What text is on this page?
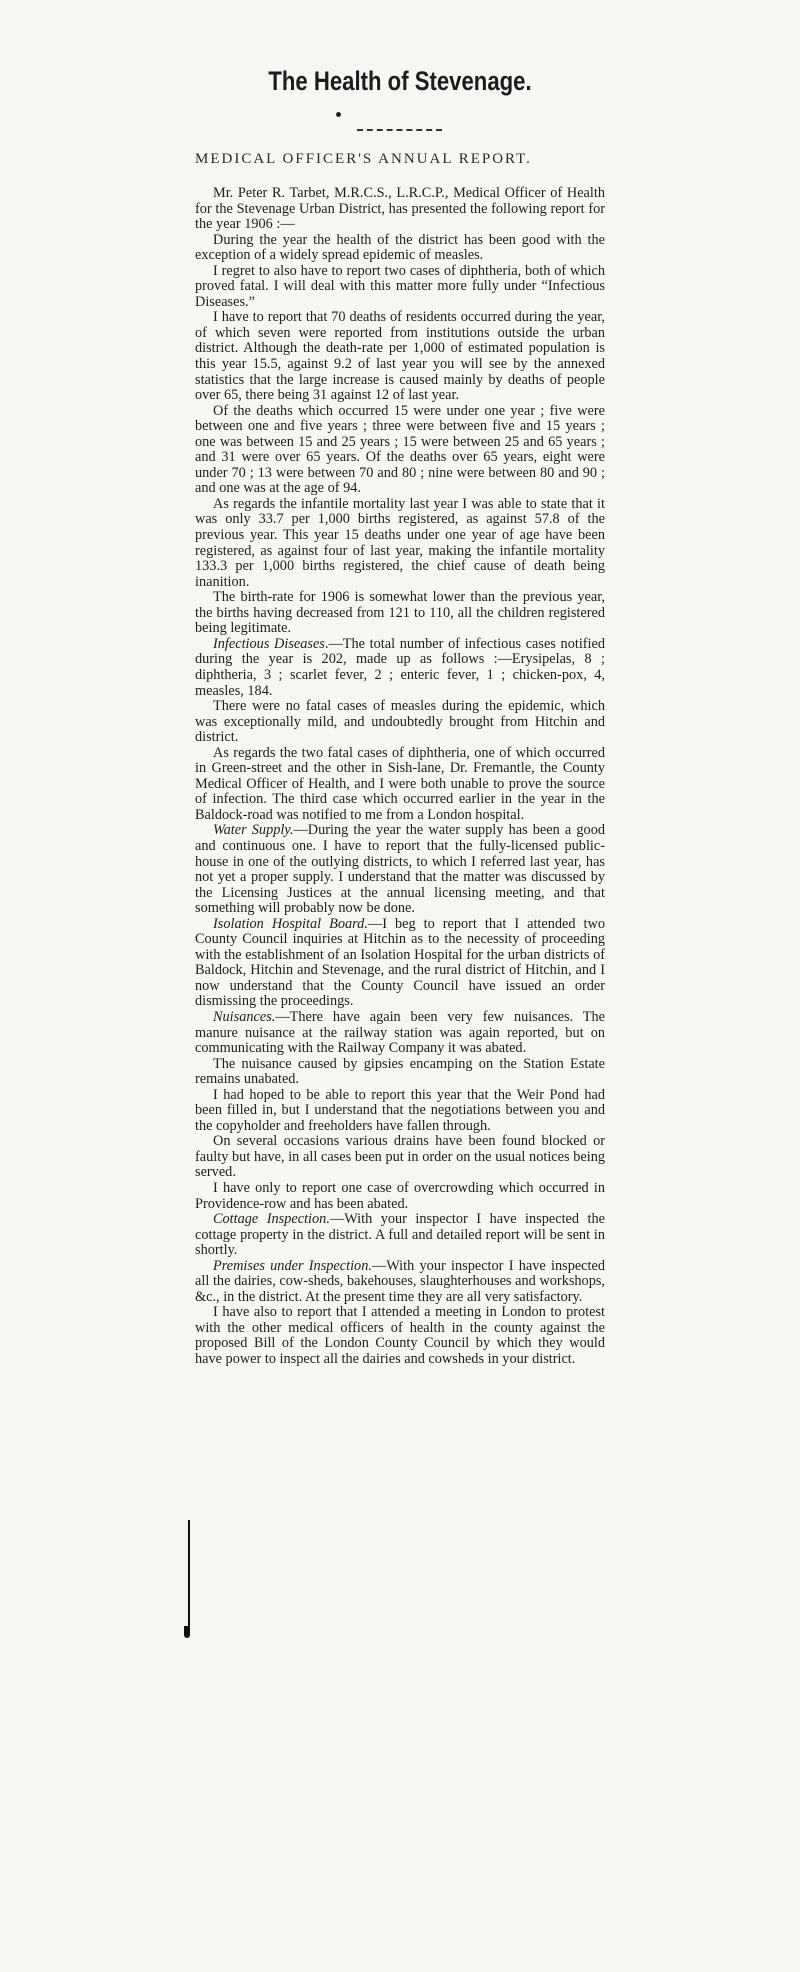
The Health of Stevenage.
MEDICAL OFFICER'S ANNUAL REPORT.

Mr. Peter R. Tarbet, M.R.C.S., L.R.C.P., Medical Officer of Health for the Stevenage Urban District, has presented the following report for the year 1906 :—

During the year the health of the district has been good with the exception of a widely spread epidemic of measles.

I regret to also have to report two cases of diphtheria, both of which proved fatal. I will deal with this matter more fully under “Infectious Diseases.”

I have to report that 70 deaths of residents occurred during the year, of which seven were reported from institutions outside the urban district. Although the death-rate per 1,000 of estimated population is this year 15.5, against 9.2 of last year you will see by the annexed statistics that the large increase is caused mainly by deaths of people over 65, there being 31 against 12 of last year.

Of the deaths which occurred 15 were under one year ; five were between one and five years ; three were between five and 15 years ; one was between 15 and 25 years ; 15 were between 25 and 65 years ; and 31 were over 65 years. Of the deaths over 65 years, eight were under 70 ; 13 were between 70 and 80 ; nine were between 80 and 90 ; and one was at the age of 94.

As regards the infantile mortality last year I was able to state that it was only 33.7 per 1,000 births registered, as against 57.8 of the previous year. This year 15 deaths under one year of age have been registered, as against four of last year, making the infantile mortality 133.3 per 1,000 births registered, the chief cause of death being inanition.

The birth-rate for 1906 is somewhat lower than the previous year, the births having decreased from 121 to 110, all the children registered being legitimate.

Infectious Diseases.—The total number of infectious cases notified during the year is 202, made up as follows :—Erysipelas, 8 ; diphtheria, 3 ; scarlet fever, 2 ; enteric fever, 1 ; chicken-pox, 4, measles, 184.

There were no fatal cases of measles during the epidemic, which was exceptionally mild, and undoubtedly brought from Hitchin and district.

As regards the two fatal cases of diphtheria, one of which occurred in Green-street and the other in Sish-lane, Dr. Fremantle, the County Medical Officer of Health, and I were both unable to prove the source of infection. The third case which occurred earlier in the year in the Baldock-road was notified to me from a London hospital.

Water Supply.—During the year the water supply has been a good and continuous one. I have to report that the fully-licensed public-house in one of the outlying districts, to which I referred last year, has not yet a proper supply. I understand that the matter was discussed by the Licensing Justices at the annual licensing meeting, and that something will probably now be done.

Isolation Hospital Board.—I beg to report that I attended two County Council inquiries at Hitchin as to the necessity of proceeding with the establishment of an Isolation Hospital for the urban districts of Baldock, Hitchin and Stevenage, and the rural district of Hitchin, and I now understand that the County Council have issued an order dismissing the proceedings.

Nuisances.—There have again been very few nuisances. The manure nuisance at the railway station was again reported, but on communicating with the Railway Company it was abated.

The nuisance caused by gipsies encamping on the Station Estate remains unabated.

I had hoped to be able to report this year that the Weir Pond had been filled in, but I understand that the negotiations between you and the copyholder and freeholders have fallen through.

On several occasions various drains have been found blocked or faulty but have, in all cases been put in order on the usual notices being served.

I have only to report one case of overcrowding which occurred in Providence-row and has been abated.

Cottage Inspection.—With your inspector I have inspected the cottage property in the district. A full and detailed report will be sent in shortly.

Premises under Inspection.—With your inspector I have inspected all the dairies, cow-sheds, bakehouses, slaughterhouses and workshops, &c., in the district. At the present time they are all very satisfactory.

I have also to report that I attended a meeting in London to protest with the other medical officers of health in the county against the proposed Bill of the London County Council by which they would have power to inspect all the dairies and cowsheds in your district.
